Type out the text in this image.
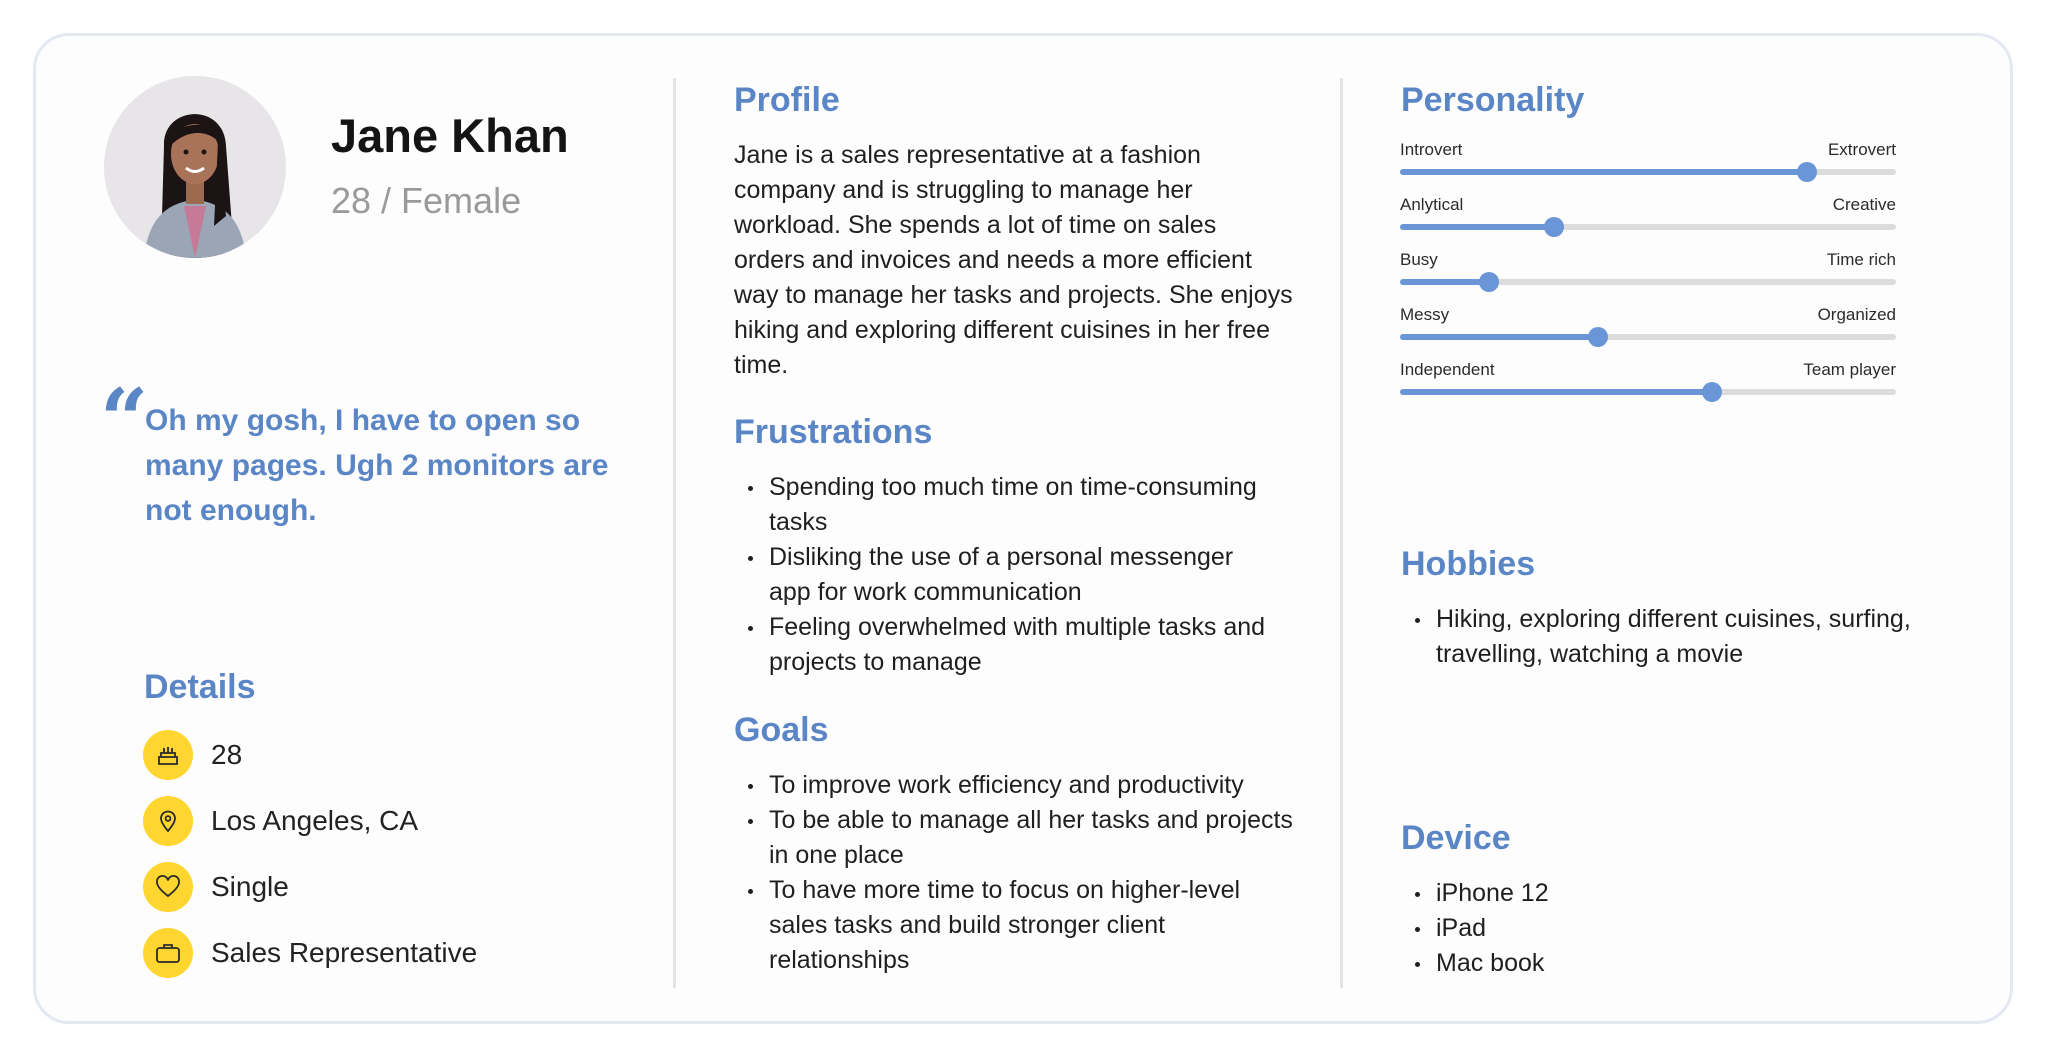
Jane Khan
28 / Female
“
Oh my gosh, I have to open so many pages. Ugh 2 monitors are not enough.
Details
28
Los Angeles, CA
Single
Sales Representative
Profile
Jane is a sales representative at a fashion company and is struggling to manage her workload. She spends a lot of time on sales orders and invoices and needs a more efficient way to manage her tasks and projects. She enjoys hiking and exploring different cuisines in her free time.
Frustrations
Spending too much time on time-consuming tasks
Disliking the use of a personal messenger app for work communication
Feeling overwhelmed with multiple tasks and projects to manage
Goals
To improve work efficiency and productivity
To be able to manage all her tasks and projects in one place
To have more time to focus on higher-level sales tasks and build stronger client relationships
Personality
Introvert	Extrovert
Anlytical	Creative
Busy	Time rich
Messy	Organized
Independent	Team player
Hobbies
Hiking, exploring different cuisines, surfing, travelling, watching a movie
Device
iPhone 12
iPad
Mac book
